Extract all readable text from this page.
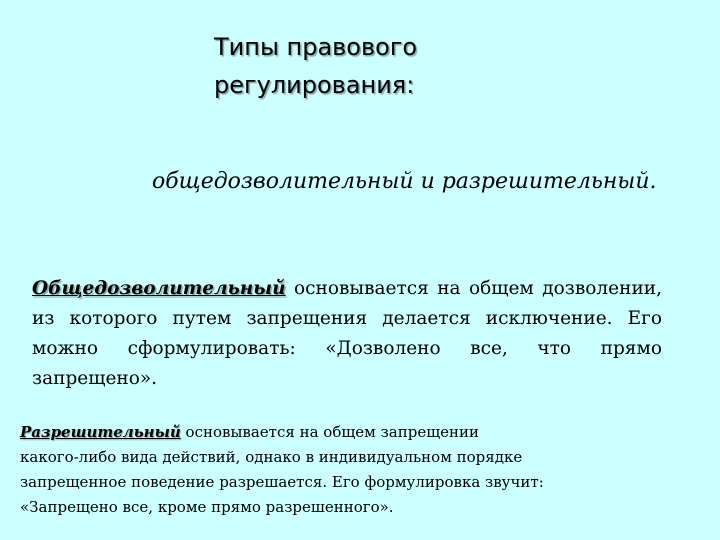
Типы правового
регулирования:
общедозволительный и разрешительный.

Общедозволительный основывается на общем дозволении, из которого путем запрещения делается исключение. Его можно сформулировать: «Дозволено все, что прямо запрещено».

Разрешительный основывается на общем запрещении
какого-либо вида действий, однако в индивидуальном порядке
запрещенное поведение разрешается. Его формулировка звучит:
«Запрещено все, кроме прямо разрешенного».
